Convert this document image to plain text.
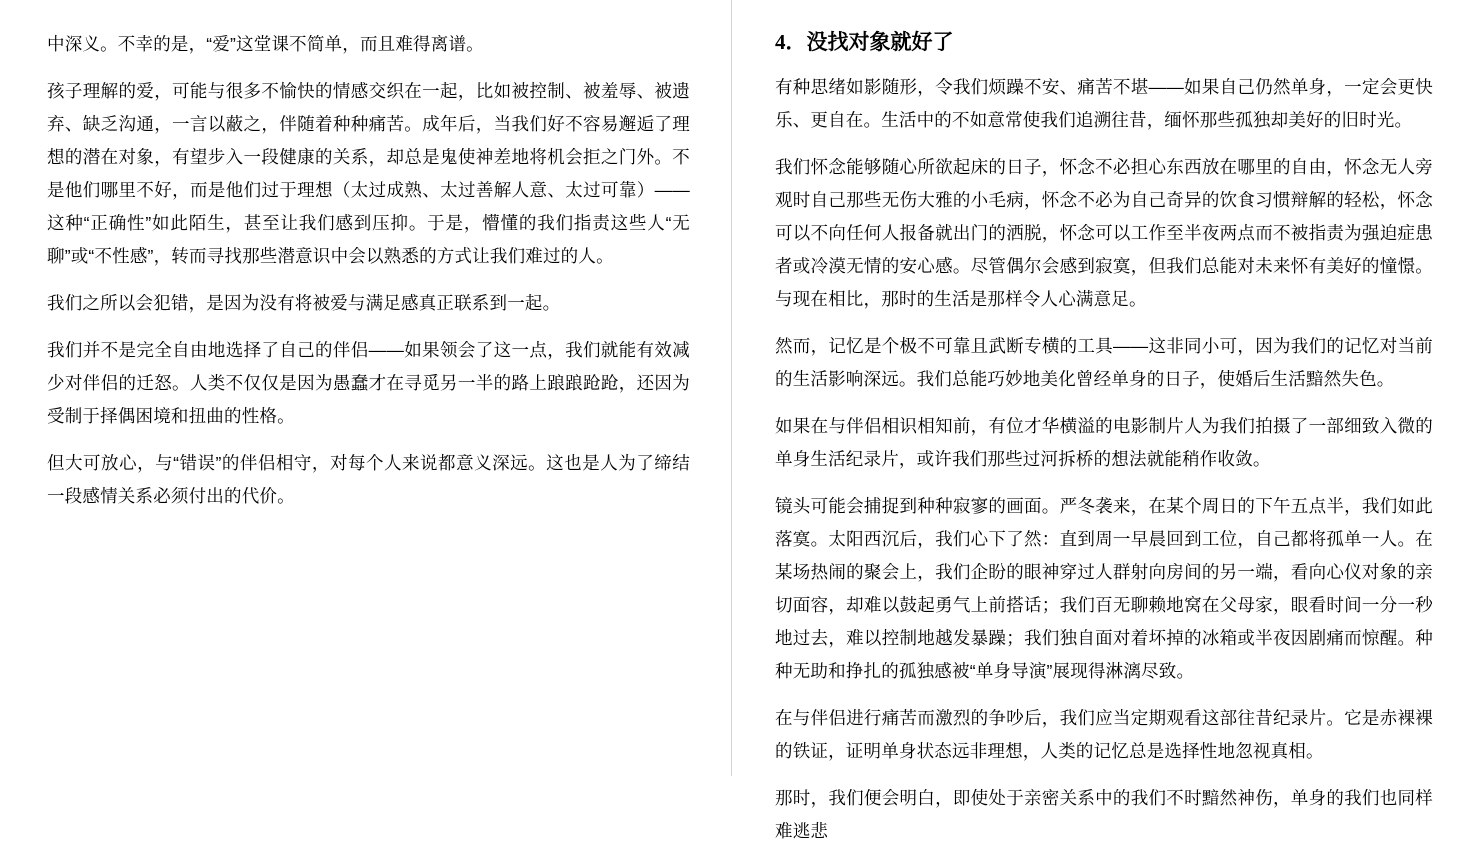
中深义。不幸的是，“爱”这堂课不简单，而且难得离谱。

孩子理解的爱，可能与很多不愉快的情感交织在一起，比如被控制、被羞辱、被遗弃、缺乏沟通，一言以蔽之，伴随着种种痛苦。成年后，当我们好不容易邂逅了理想的潜在对象，有望步入一段健康的关系，却总是鬼使神差地将机会拒之门外。不是他们哪里不好，而是他们过于理想（太过成熟、太过善解人意、太过可靠）——这种“正确性”如此陌生，甚至让我们感到压抑。于是，懵懂的我们指责这些人“无聊”或“不性感”，转而寻找那些潜意识中会以熟悉的方式让我们难过的人。

我们之所以会犯错，是因为没有将被爱与满足感真正联系到一起。

我们并不是完全自由地选择了自己的伴侣——如果领会了这一点，我们就能有效减少对伴侣的迁怒。人类不仅仅是因为愚蠢才在寻觅另一半的路上踉踉跄跄，还因为受制于择偶困境和扭曲的性格。

但大可放心，与“错误”的伴侣相守，对每个人来说都意义深远。这也是人为了缔结一段感情关系必须付出的代价。

4．没找对象就好了

有种思绪如影随形，令我们烦躁不安、痛苦不堪——如果自己仍然单身，一定会更快乐、更自在。生活中的不如意常使我们追溯往昔，缅怀那些孤独却美好的旧时光。

我们怀念能够随心所欲起床的日子，怀念不必担心东西放在哪里的自由，怀念无人旁观时自己那些无伤大雅的小毛病，怀念不必为自己奇异的饮食习惯辩解的轻松，怀念可以不向任何人报备就出门的洒脱，怀念可以工作至半夜两点而不被指责为强迫症患者或冷漠无情的安心感。尽管偶尔会感到寂寞，但我们总能对未来怀有美好的憧憬。与现在相比，那时的生活是那样令人心满意足。

然而，记忆是个极不可靠且武断专横的工具——这非同小可，因为我们的记忆对当前的生活影响深远。我们总能巧妙地美化曾经单身的日子，使婚后生活黯然失色。

如果在与伴侣相识相知前，有位才华横溢的电影制片人为我们拍摄了一部细致入微的单身生活纪录片，或许我们那些过河拆桥的想法就能稍作收敛。

镜头可能会捕捉到种种寂寥的画面。严冬袭来，在某个周日的下午五点半，我们如此落寞。太阳西沉后，我们心下了然：直到周一早晨回到工位，自己都将孤单一人。在某场热闹的聚会上，我们企盼的眼神穿过人群射向房间的另一端，看向心仪对象的亲切面容，却难以鼓起勇气上前搭话；我们百无聊赖地窝在父母家，眼看时间一分一秒地过去，难以控制地越发暴躁；我们独自面对着坏掉的冰箱或半夜因剧痛而惊醒。种种无助和挣扎的孤独感被“单身导演”展现得淋漓尽致。

在与伴侣进行痛苦而激烈的争吵后，我们应当定期观看这部往昔纪录片。它是赤裸裸的铁证，证明单身状态远非理想，人类的记忆总是选择性地忽视真相。

那时，我们便会明白，即使处于亲密关系中的我们不时黯然神伤，单身的我们也同样难逃悲
